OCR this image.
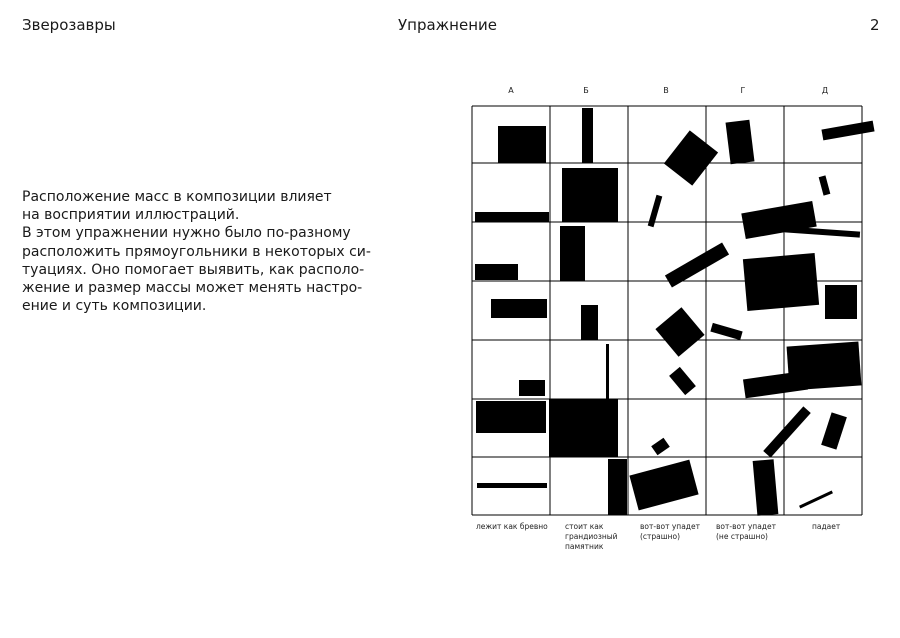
Зверозавры	Упражнение	2
Расположение масс в композиции влияет
на восприятии иллюстраций.
В этом упражнении нужно было по-разному
расположить прямоугольники в некоторых си-
туациях. Оно помогает выявить, как располо-
жение и размер массы может менять настро-
ение и суть композиции.
А	Б	В	Г	Д
лежит как бревно стоит как
грандиозный
памятник
вот-вот упадет
(страшно)
вот-вот упадет
(не страшно)
падает
